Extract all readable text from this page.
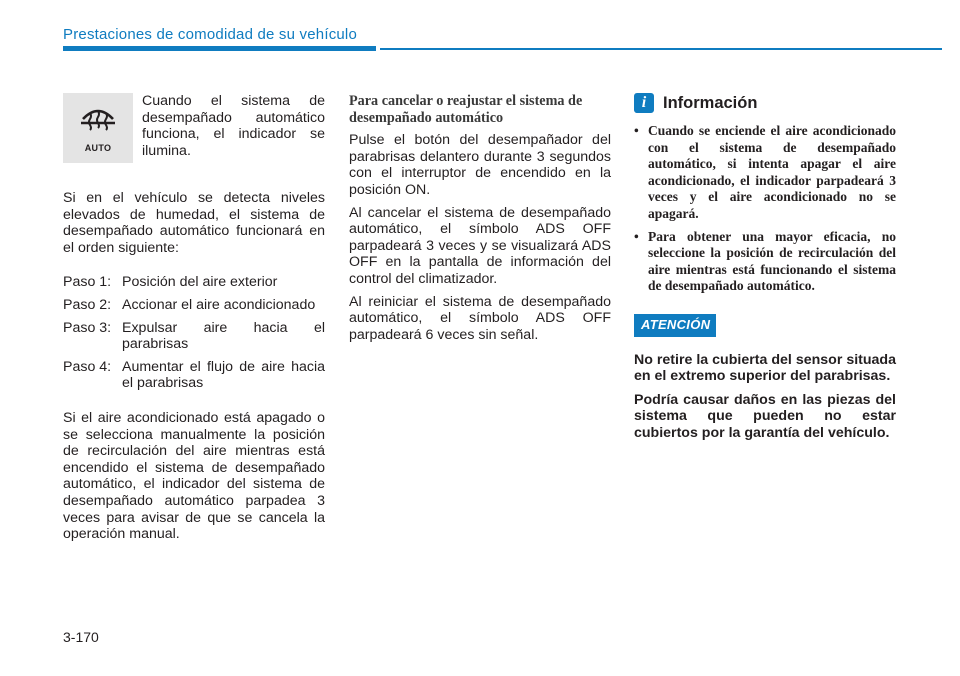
Prestaciones de comodidad de su vehículo
AUTO

Cuando el sistema de desempañado automático funciona, el indicador se ilumina.

Si en el vehículo se detecta niveles elevados de humedad, el sistema de desempañado automático funcionará en el orden siguiente:

Paso 1: Posición del aire exterior
Paso 2: Accionar el aire acondicionado
Paso 3: Expulsar aire hacia el parabrisas
Paso 4: Aumentar el flujo de aire hacia el parabrisas

Si el aire acondicionado está apagado o se selecciona manualmente la posición de recirculación del aire mientras está encendido el sistema de desempañado automático, el indicador del sistema de desempañado automático parpadea 3 veces para avisar de que se cancela la operación manual.

Para cancelar o reajustar el sistema de desempañado automático

Pulse el botón del desempañador del parabrisas delantero durante 3 segundos con el interruptor de encendido en la posición ON.

Al cancelar el sistema de desempañado automático, el símbolo ADS OFF parpadeará 3 veces y se visualizará ADS OFF en la pantalla de información del control del climatizador.

Al reiniciar el sistema de desempañado automático, el símbolo ADS OFF parpadeará 6 veces sin señal.

i	Información
• Cuando se enciende el aire acondicionado con el sistema de desempañado automático, si intenta apagar el aire acondicionado, el indicador parpadeará 3 veces y el aire acondicionado no se apagará.
• Para obtener una mayor eficacia, no seleccione la posición de recirculación del aire mientras está funcionando el sistema de desempañado automático.
ATENCIÓN

No retire la cubierta del sensor situada en el extremo superior del parabrisas.

Podría causar daños en las piezas del sistema que pueden no estar cubiertos por la garantía del vehículo.

3-170
